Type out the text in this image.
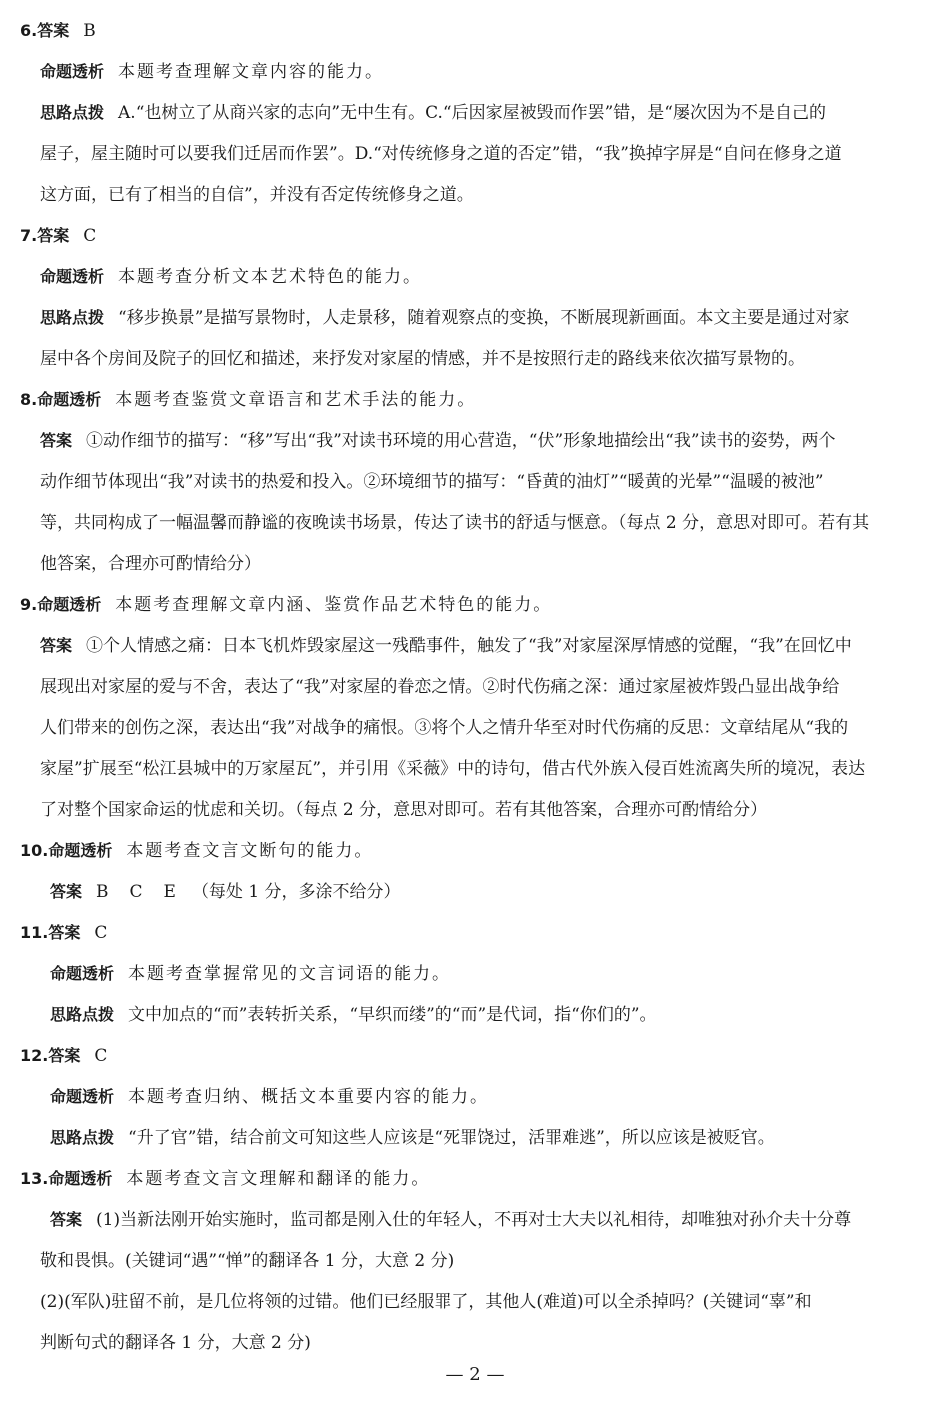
6.答案 B
命题透析 本题考查理解文章内容的能力。
思路点拨 A.“也树立了从商兴家的志向”无中生有。C.“后因家屋被毁而作罢”错，是“屡次因为不是自己的
屋子，屋主随时可以要我们迁居而作罢”。D.“对传统修身之道的否定”错，“我”换掉字屏是“自问在修身之道
这方面，已有了相当的自信”，并没有否定传统修身之道。
7.答案 C
命题透析 本题考查分析文本艺术特色的能力。
思路点拨 “移步换景”是描写景物时，人走景移，随着观察点的变换，不断展现新画面。本文主要是通过对家
屋中各个房间及院子的回忆和描述，来抒发对家屋的情感，并不是按照行走的路线来依次描写景物的。
8.命题透析 本题考查鉴赏文章语言和艺术手法的能力。
答案 ①动作细节的描写：“移”写出“我”对读书环境的用心营造，“伏”形象地描绘出“我”读书的姿势，两个
动作细节体现出“我”对读书的热爱和投入。②环境细节的描写：“昏黄的油灯”“暖黄的光晕”“温暖的被池”
等，共同构成了一幅温馨而静谧的夜晚读书场景，传达了读书的舒适与惬意。（每点 2 分，意思对即可。若有其
他答案，合理亦可酌情给分）
9.命题透析 本题考查理解文章内涵、鉴赏作品艺术特色的能力。
答案 ①个人情感之痛：日本飞机炸毁家屋这一残酷事件，触发了“我”对家屋深厚情感的觉醒，“我”在回忆中
展现出对家屋的爱与不舍，表达了“我”对家屋的眷恋之情。②时代伤痛之深：通过家屋被炸毁凸显出战争给
人们带来的创伤之深，表达出“我”对战争的痛恨。③将个人之情升华至对时代伤痛的反思：文章结尾从“我的
家屋”扩展至“松江县城中的万家屋瓦”，并引用《采薇》中的诗句，借古代外族入侵百姓流离失所的境况，表达
了对整个国家命运的忧虑和关切。（每点 2 分，意思对即可。若有其他答案，合理亦可酌情给分）
10.命题透析 本题考查文言文断句的能力。
答案 B　C　E （每处 1 分，多涂不给分）
11.答案 C
命题透析 本题考查掌握常见的文言词语的能力。
思路点拨 文中加点的“而”表转折关系，“早织而缕”的“而”是代词，指“你们的”。
12.答案 C
命题透析 本题考查归纳、概括文本重要内容的能力。
思路点拨 “升了官”错，结合前文可知这些人应该是“死罪饶过，活罪难逃”，所以应该是被贬官。
13.命题透析 本题考查文言文理解和翻译的能力。
答案 (1)当新法刚开始实施时，监司都是刚入仕的年轻人，不再对士大夫以礼相待，却唯独对孙介夫十分尊
敬和畏惧。(关键词“遇”“惮”的翻译各 1 分，大意 2 分)
(2)(军队)驻留不前，是几位将领的过错。他们已经服罪了，其他人(难道)可以全杀掉吗？(关键词“辜”和
判断句式的翻译各 1 分，大意 2 分)
— 2 —
